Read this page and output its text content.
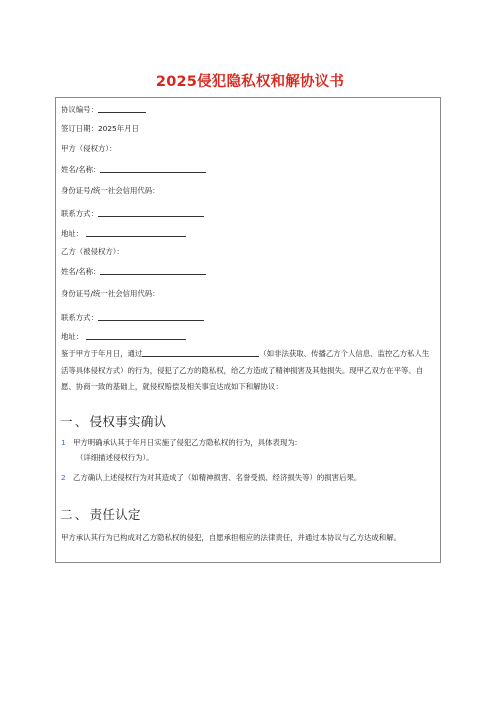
2025侵犯隐私权和解协议书
协议编号：
签订日期：2025年月日
甲方（侵权方）：
姓名/名称：
身份证号/统一社会信用代码：
联系方式：
地址：
乙方（被侵权方）：
姓名/名称：
身份证号/统一社会信用代码：
联系方式：
地址：
鉴于甲方于年月日，通过	（如非法获取、传播乙方个人信息、监控乙方私人生活等具体侵权方式）的行为，侵犯了乙方的隐私权，给乙方造成了精神损害及其他损失。现甲乙双方在平等、自愿、协商一致的基础上，就侵权赔偿及相关事宜达成如下和解协议：
一 、 侵权事实确认
1 甲方明确承认其于年月日实施了侵犯乙方隐私权的行为，具体表现为:
（详细描述侵权行为）。
2 乙方确认上述侵权行为对其造成了（如精神损害、名誉受损、经济损失等）的损害后果。
二 、 责任认定
甲方承认其行为已构成对乙方隐私权的侵犯，自愿承担相应的法律责任，并通过本协议与乙方达成和解。
